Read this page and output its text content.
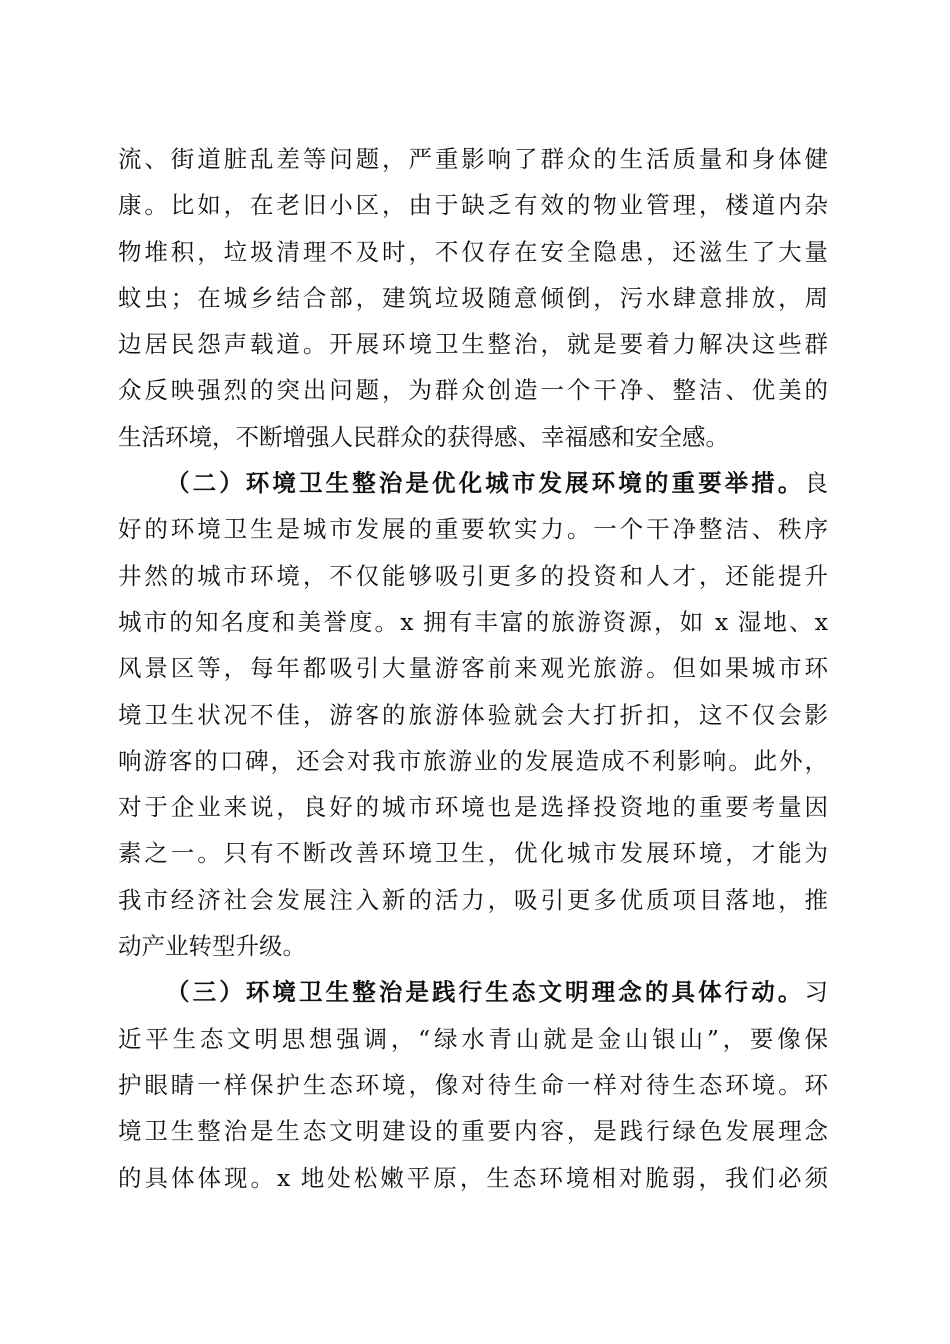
流、街道脏乱差等问题，严重影响了群众的生活质量和身体健
康。比如，在老旧小区，由于缺乏有效的物业管理，楼道内杂
物堆积，垃圾清理不及时，不仅存在安全隐患，还滋生了大量
蚊虫；在城乡结合部，建筑垃圾随意倾倒，污水肆意排放，周
边居民怨声载道。开展环境卫生整治，就是要着力解决这些群
众反映强烈的突出问题，为群众创造一个干净、整洁、优美的
生活环境，不断增强人民群众的获得感、幸福感和安全感。
（二）环境卫生整治是优化城市发展环境的重要举措。良
好的环境卫生是城市发展的重要软实力。一个干净整洁、秩序
井然的城市环境，不仅能够吸引更多的投资和人才，还能提升
城市的知名度和美誉度。x 拥有丰富的旅游资源，如 x 湿地、x
风景区等，每年都吸引大量游客前来观光旅游。但如果城市环
境卫生状况不佳，游客的旅游体验就会大打折扣，这不仅会影
响游客的口碑，还会对我市旅游业的发展造成不利影响。此外，
对于企业来说，良好的城市环境也是选择投资地的重要考量因
素之一。只有不断改善环境卫生，优化城市发展环境，才能为
我市经济社会发展注入新的活力，吸引更多优质项目落地，推
动产业转型升级。
（三）环境卫生整治是践行生态文明理念的具体行动。习
近平生态文明思想强调，“绿水青山就是金山银山”，要像保
护眼睛一样保护生态环境，像对待生命一样对待生态环境。环
境卫生整治是生态文明建设的重要内容，是践行绿色发展理念
的具体体现。x 地处松嫩平原，生态环境相对脆弱，我们必须
